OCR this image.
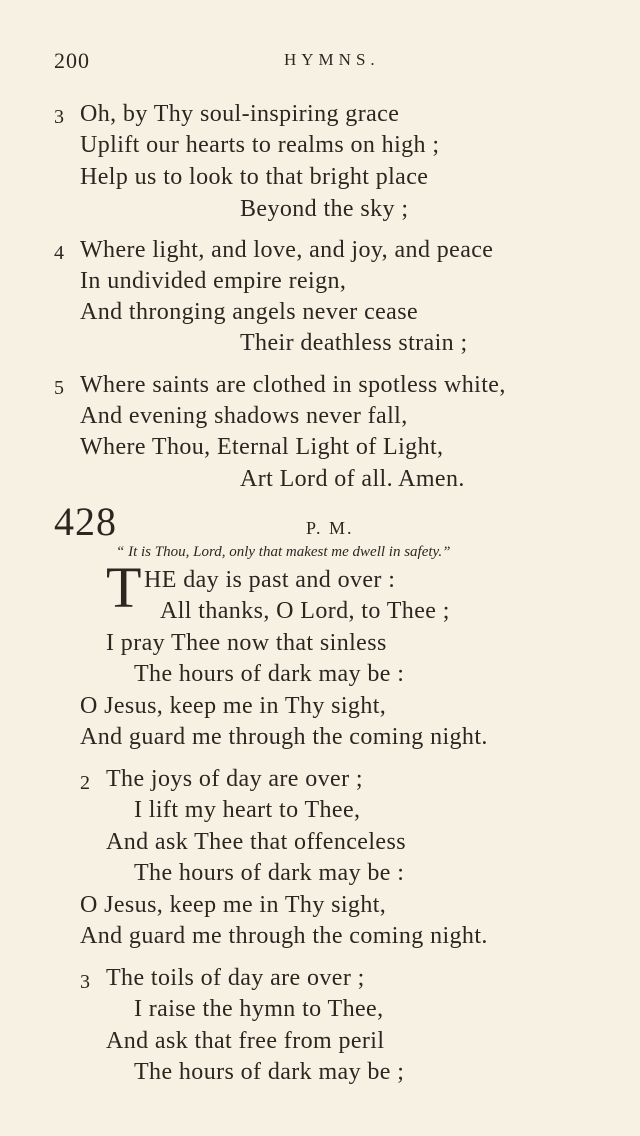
200	HYMNS.
3 Oh, by Thy soul-inspiring grace
Uplift our hearts to realms on high ;
Help us to look to that bright place
Beyond the sky ;
4 Where light, and love, and joy, and peace
In undivided empire reign,
And thronging angels never cease
Their deathless strain ;
5 Where saints are clothed in spotless white,
And evening shadows never fall,
Where Thou, Eternal Light of Light,
Art Lord of all. Amen.
428	P. M.
“ It is Thou, Lord, only that makest me dwell in safety.”
T HE day is past and over :
All thanks, O Lord, to Thee ;
I pray Thee now that sinless
The hours of dark may be :
O Jesus, keep me in Thy sight,
And guard me through the coming night.
2 The joys of day are over ;
I lift my heart to Thee,
And ask Thee that offenceless
The hours of dark may be :
O Jesus, keep me in Thy sight,
And guard me through the coming night.
3 The toils of day are over ;
I raise the hymn to Thee,
And ask that free from peril
The hours of dark may be ;
